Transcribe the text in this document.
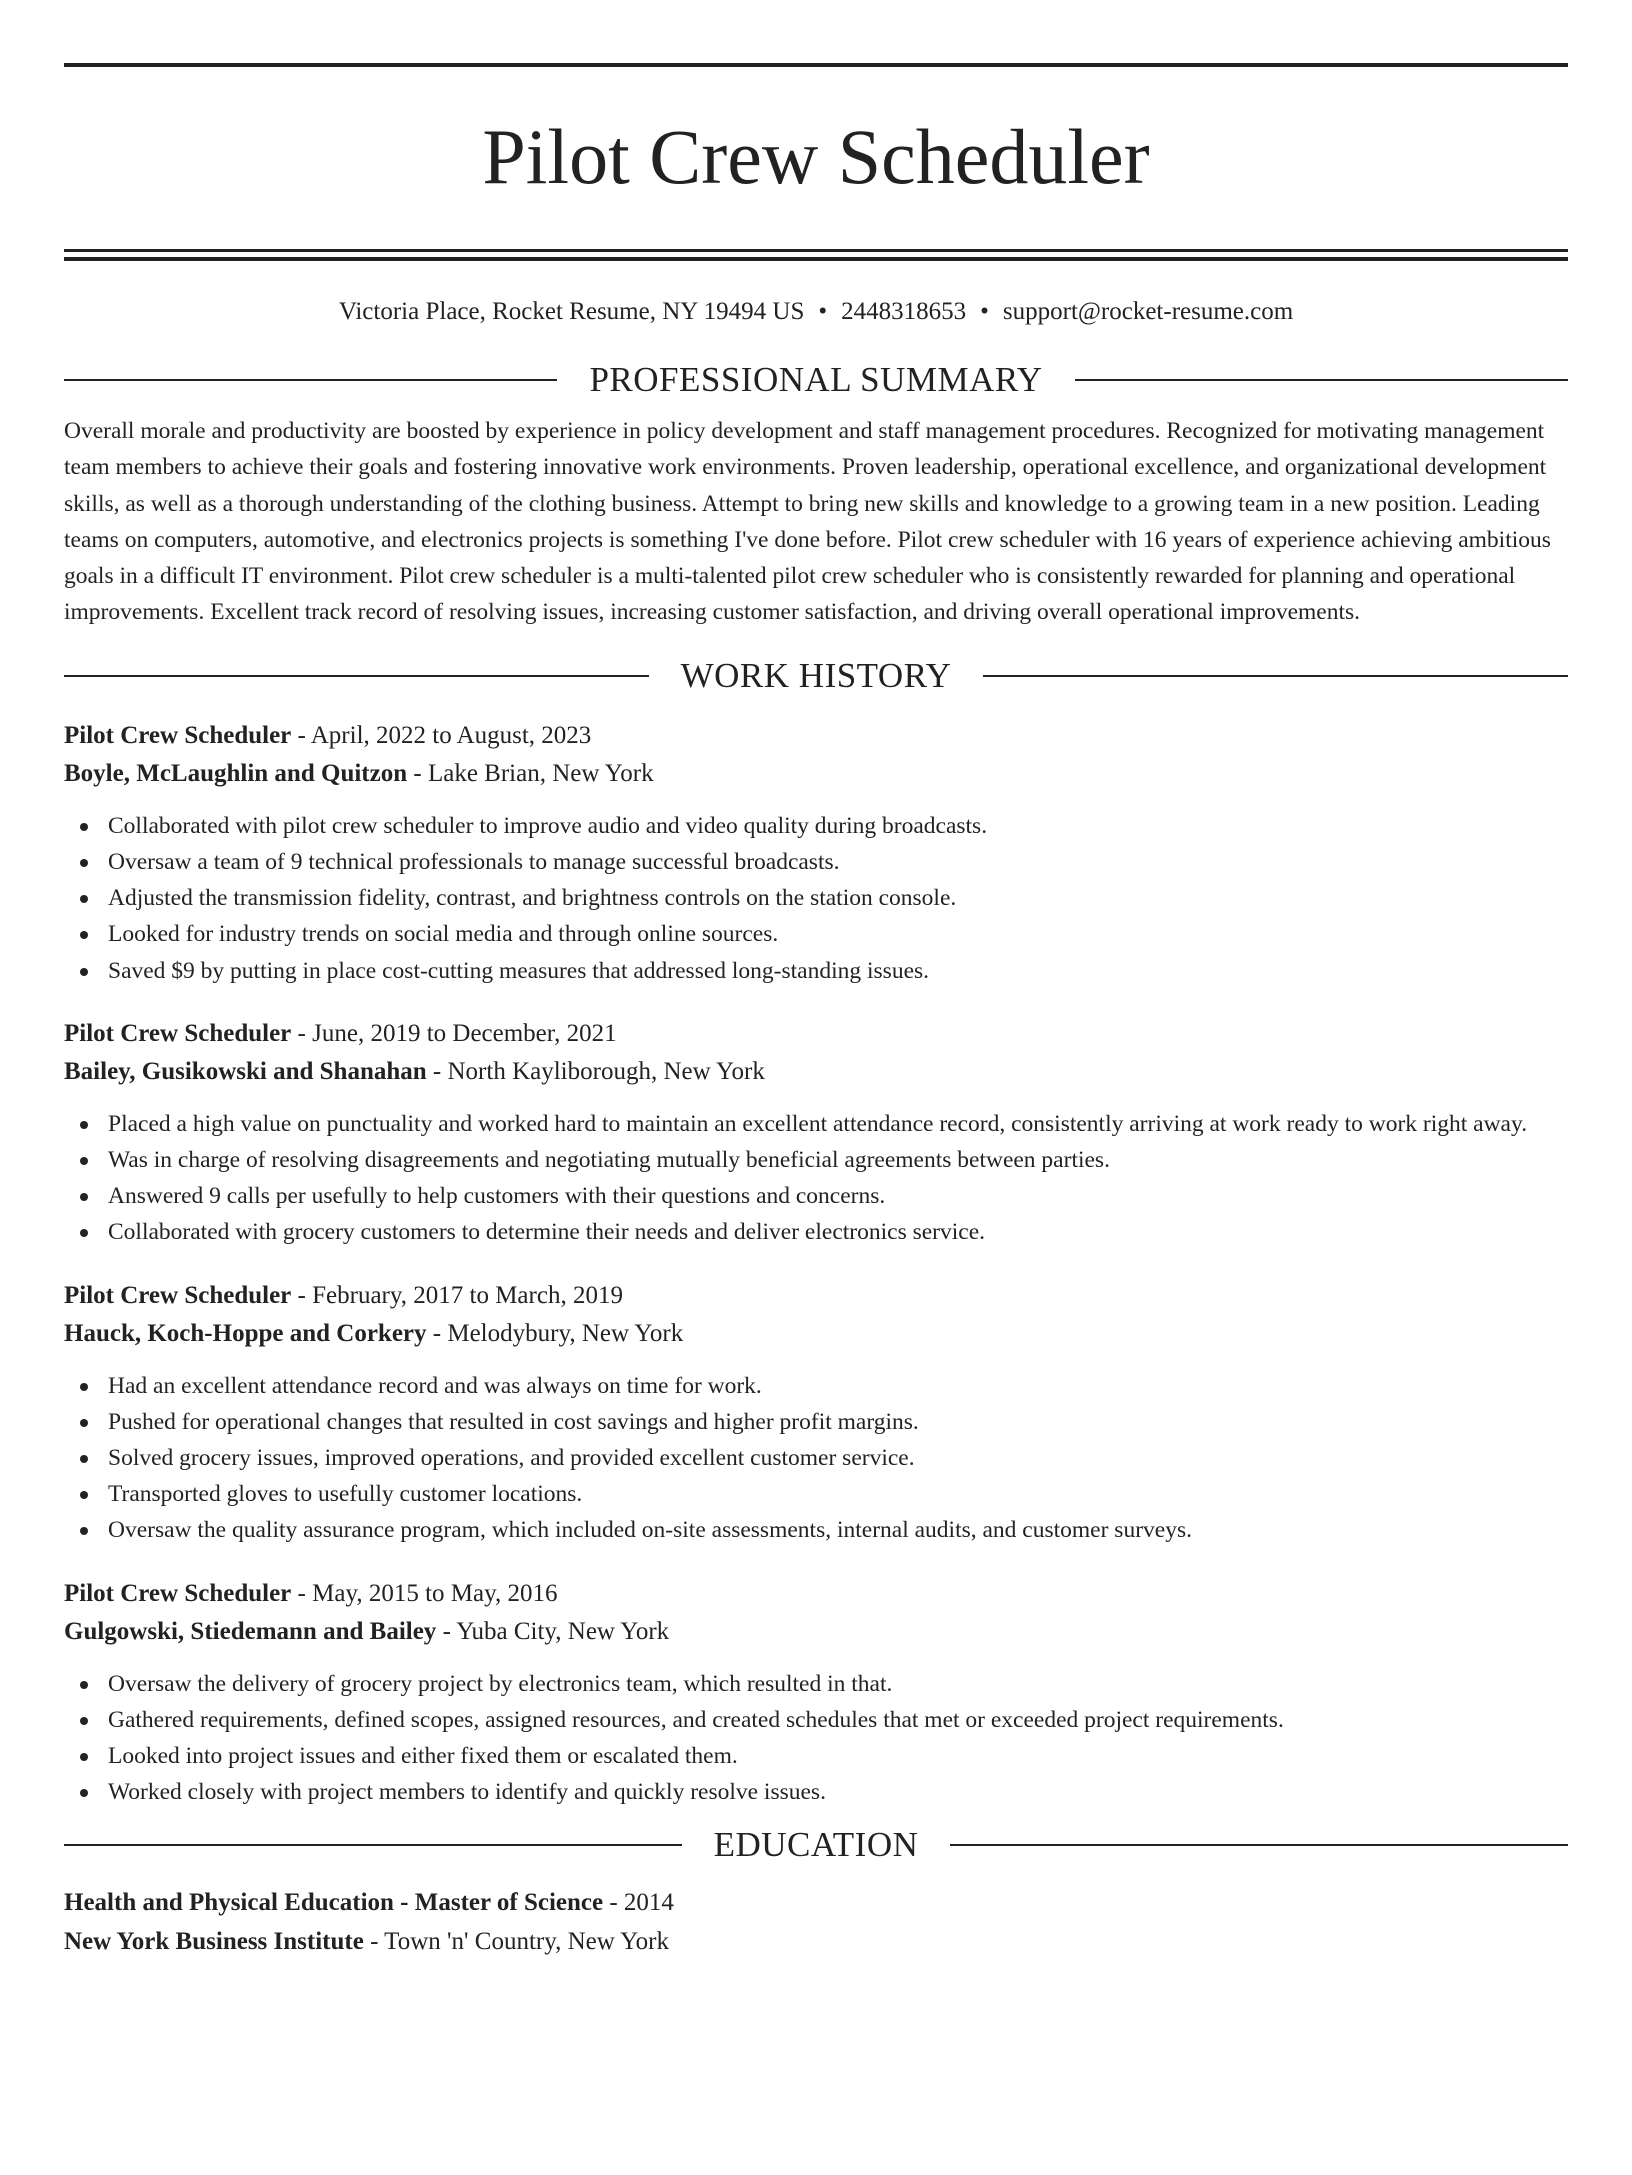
Pilot Crew Scheduler
Victoria Place, Rocket Resume, NY 19494 US • 2448318653 • support@rocket-resume.com
PROFESSIONAL SUMMARY
Overall morale and productivity are boosted by experience in policy development and staff management procedures. Recognized for motivating management team members to achieve their goals and fostering innovative work environments. Proven leadership, operational excellence, and organizational development skills, as well as a thorough understanding of the clothing business. Attempt to bring new skills and knowledge to a growing team in a new position. Leading teams on computers, automotive, and electronics projects is something I've done before. Pilot crew scheduler with 16 years of experience achieving ambitious goals in a difficult IT environment. Pilot crew scheduler is a multi-talented pilot crew scheduler who is consistently rewarded for planning and operational improvements. Excellent track record of resolving issues, increasing customer satisfaction, and driving overall operational improvements.
WORK HISTORY
Pilot Crew Scheduler - April, 2022 to August, 2023
Boyle, McLaughlin and Quitzon - Lake Brian, New York
Collaborated with pilot crew scheduler to improve audio and video quality during broadcasts.
Oversaw a team of 9 technical professionals to manage successful broadcasts.
Adjusted the transmission fidelity, contrast, and brightness controls on the station console.
Looked for industry trends on social media and through online sources.
Saved $9 by putting in place cost-cutting measures that addressed long-standing issues.
Pilot Crew Scheduler - June, 2019 to December, 2021
Bailey, Gusikowski and Shanahan - North Kayliborough, New York
Placed a high value on punctuality and worked hard to maintain an excellent attendance record, consistently arriving at work ready to work right away.
Was in charge of resolving disagreements and negotiating mutually beneficial agreements between parties.
Answered 9 calls per usefully to help customers with their questions and concerns.
Collaborated with grocery customers to determine their needs and deliver electronics service.
Pilot Crew Scheduler - February, 2017 to March, 2019
Hauck, Koch-Hoppe and Corkery - Melodybury, New York
Had an excellent attendance record and was always on time for work.
Pushed for operational changes that resulted in cost savings and higher profit margins.
Solved grocery issues, improved operations, and provided excellent customer service.
Transported gloves to usefully customer locations.
Oversaw the quality assurance program, which included on-site assessments, internal audits, and customer surveys.
Pilot Crew Scheduler - May, 2015 to May, 2016
Gulgowski, Stiedemann and Bailey - Yuba City, New York
Oversaw the delivery of grocery project by electronics team, which resulted in that.
Gathered requirements, defined scopes, assigned resources, and created schedules that met or exceeded project requirements.
Looked into project issues and either fixed them or escalated them.
Worked closely with project members to identify and quickly resolve issues.
EDUCATION
Health and Physical Education - Master of Science - 2014
New York Business Institute - Town 'n' Country, New York
